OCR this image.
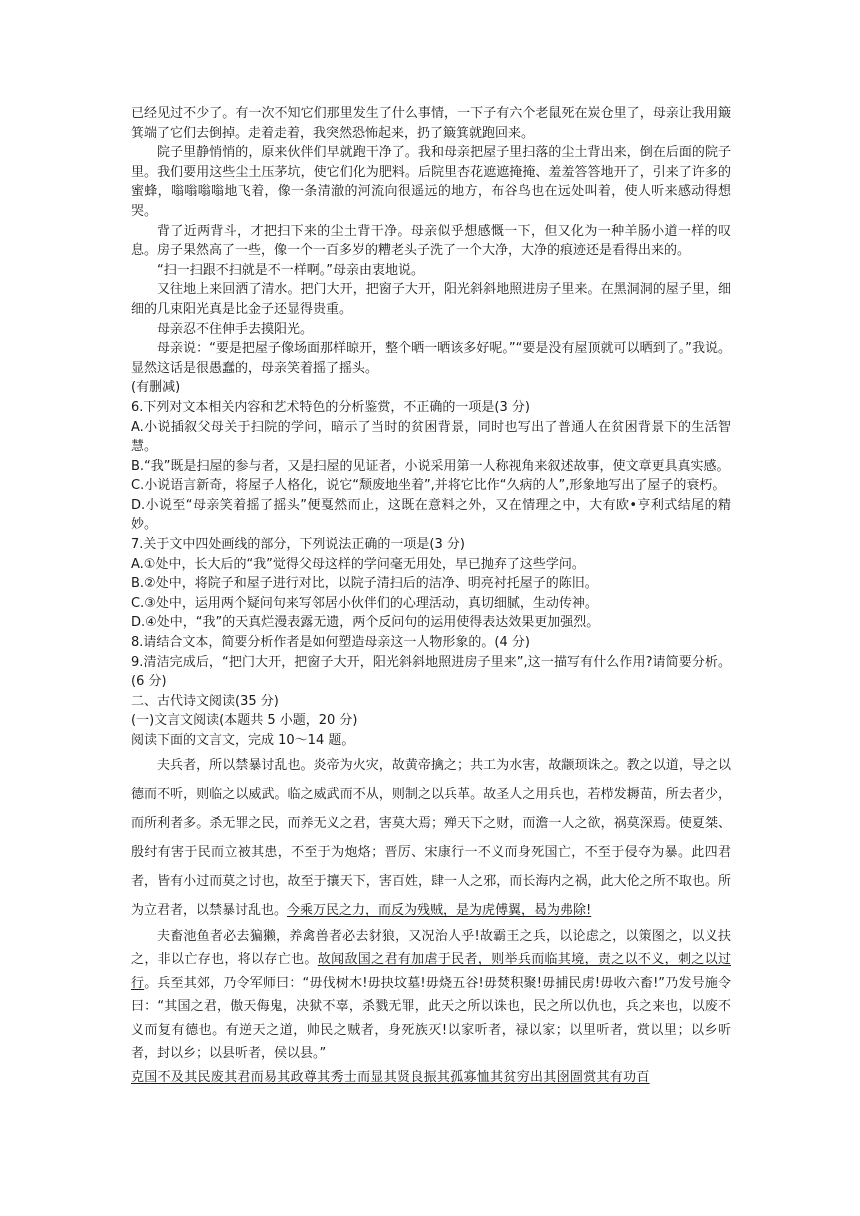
已经见过不少了。有一次不知它们那里发生了什么事情，一下子有六个老鼠死在炭仓里了，母亲让我用簸箕端了它们去倒掉。走着走着，我突然恐怖起来，扔了簸箕就跑回来。

院子里静悄悄的，原来伙伴们早就跑干净了。我和母亲把屋子里扫落的尘土背出来，倒在后面的院子里。我们要用这些尘土压茅坑，使它们化为肥料。后院里杏花遮遮掩掩、羞羞答答地开了，引来了许多的蜜蜂，嗡嗡嗡嗡地飞着，像一条清澈的河流向很遥远的地方，布谷鸟也在远处叫着，使人听来感动得想哭。

背了近两背斗，才把扫下来的尘土背干净。母亲似乎想感慨一下，但又化为一种羊肠小道一样的叹息。房子果然高了一些，像一个一百多岁的糟老头子洗了一个大净，大净的痕迹还是看得出来的。

“扫一扫跟不扫就是不一样啊。”母亲由衷地说。

又往地上来回洒了清水。把门大开，把窗子大开，阳光斜斜地照进房子里来。在黑洞洞的屋子里，细细的几束阳光真是比金子还显得贵重。

母亲忍不住伸手去摸阳光。

母亲说：“要是把屋子像场面那样晾开，整个晒一晒该多好呢。”“要是没有屋顶就可以晒到了。”我说。显然这话是很愚蠢的，母亲笑着摇了摇头。

(有删减)

6.下列对文本相关内容和艺术特色的分析鉴赏，不正确的一项是(3 分)

A.小说插叙父母关于扫院的学问，暗示了当时的贫困背景，同时也写出了普通人在贫困背景下的生活智慧。

B.“我”既是扫屋的参与者，又是扫屋的见证者，小说采用第一人称视角来叙述故事，使文章更具真实感。

C.小说语言新奇，将屋子人格化，说它“颓废地坐着”,并将它比作“久病的人”,形象地写出了屋子的衰朽。

D.小说至“母亲笑着摇了摇头”便戛然而止，这既在意料之外，又在情理之中，大有欧•亨利式结尾的精妙。

7.关于文中四处画线的部分，下列说法正确的一项是(3 分)

A.①处中，长大后的“我”觉得父母这样的学问毫无用处，早已抛弃了这些学问。

B.②处中，将院子和屋子进行对比，以院子清扫后的洁净、明亮衬托屋子的陈旧。

C.③处中，运用两个疑问句来写邻居小伙伴们的心理活动，真切细腻，生动传神。

D.④处中，“我”的天真烂漫表露无遗，两个反问句的运用使得表达效果更加强烈。

8.请结合文本，简要分析作者是如何塑造母亲这一人物形象的。(4 分)

9.清洁完成后，“把门大开，把窗子大开，阳光斜斜地照进房子里来”,这一描写有什么作用?请简要分析。(6 分)

二、古代诗文阅读(35 分)

(一)文言文阅读(本题共 5 小题，20 分)

阅读下面的文言文，完成 10～14 题。

夫兵者，所以禁暴讨乱也。炎帝为火灾，故黄帝擒之；共工为水害，故颛顼诛之。教之以道，导之以德而不听，则临之以威武。临之威武而不从，则制之以兵革。故圣人之用兵也，若栉发耨苗，所去者少，而所利者多。杀无罪之民，而养无义之君，害莫大焉；殚天下之财，而澹一人之欲，祸莫深焉。使夏桀、殷纣有害于民而立被其患，不至于为炮烙；晋厉、宋康行一不义而身死国亡，不至于侵夺为暴。此四君者，皆有小过而莫之讨也，故至于攘天下，害百姓，肆一人之邪，而长海内之祸，此大伦之所不取也。所为立君者，以禁暴讨乱也。今乘万民之力，而反为残贼，是为虎傅翼，曷为弗除!

夫畜池鱼者必去猵獭，养禽兽者必去豺狼，又况治人乎!故霸王之兵，以论虑之，以策图之，以义扶之，非以亡存也，将以存亡也。故闻敌国之君有加虐于民者，则举兵而临其境，责之以不义，刺之以过行。兵至其郊，乃令军师曰：“毋伐树木!毋抉坟墓!毋烧五谷!毋焚积聚!毋捕民虏!毋收六畜!”乃发号施令曰：“其国之君，傲天侮鬼，决狱不辜，杀戮无罪，此天之所以诛也，民之所以仇也，兵之来也，以废不义而复有德也。有逆天之道，帅民之贼者，身死族灭!以家听者，禄以家；以里听者，赏以里；以乡听者，封以乡；以县听者，侯以县。”

克国不及其民废其君而易其政尊其秀士而显其贤良振其孤寡恤其贫穷出其囹圄赏其有功百
